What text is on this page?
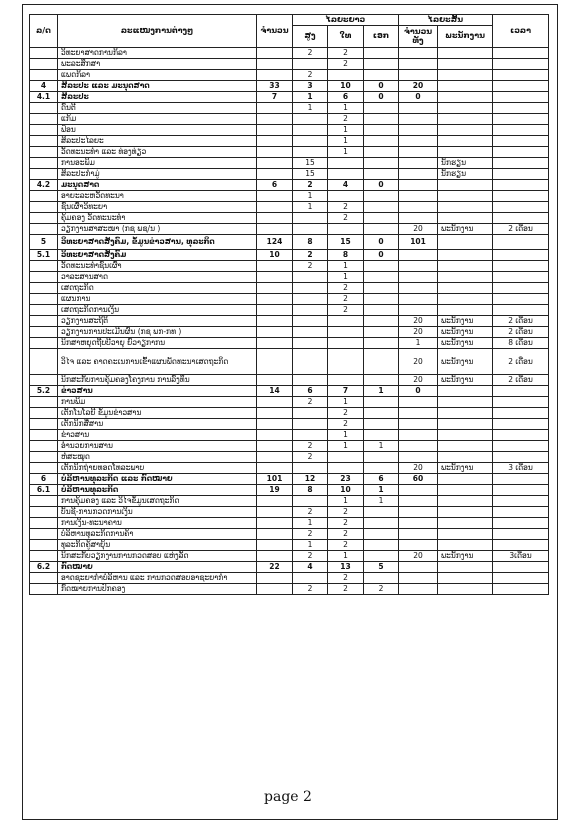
ລ/ດ	ລະແໜງການຕ່າງໆ	ຈຳນວນ	ໄລຍະຍາວ			ໄລຍະສັ້ນ		ເວລາ
			ສູງ	ໃທ	ເອກ	ຈຳນວນທັງ	ພະນັກງານ	
	ວິທະຍາສາດການກິລາ		2	2				
	ພະລະສຶກສາ			2				
	ແພດກິລາ		2					
4	ສິລະປະ ແລະ ມະນຸດສາດ	33	3	10	0	20		
4.1	ສິລະປະ	7	1	6	0	0		
	ດົນຕີ		1	1				
	ແກ້ມ			2				
	ຟ້ອນ			1				
	ສິລະປະໄລຍະ			1				
	ວັດທະນະທຳ ແລະ ທ່ອງທ່ຽວ			1				
	ການອະພິມ		15				ນັກຮຽນ	
	ສິລະປະກຳມູ່		15				ນັກຮຽນ	
4.2	ມະນຸດສາດ	6	2	4	0			
	ອາຍະລະຫວັດທະນາ		1					
	ຊົນເຜົ່າວິທະຍາ		1	2				
	ຄຸ້ມຄອງ ວັດທະນະທຳ			2				
	ວຽກງານສາສະໜາ (ກຊ ພຊ/ນ )					20	ພະນັກງານ	2 ເດືອນ
5	ວິທະຍາສາດສັງຄົມ, ຂໍ້ມູນຂ່າວສານ, ທຸລະກິດ	124	8	15	0	101		
5.1	ວິທະຍາສາດສັງຄົມ	10	2	8	0			
	ວັດທະນະທຳຊົນເຜົ່າ		2	1				
	ວາລະສານສາດ			1				
	ເສດຖະກິດ			2				
	ແຜນການ			2				
	ເສດຖະກິດການເງິນ			2				
	ວຽກງານສະຖິຕິ					20	ພະນັກງານ	2 ເດືອນ
	ວຽກງານການປະເມີນຜົນ (ກຊ ພກ-ກທ )					20	ພະນັກງານ	2 ເດືອນ
	ນິກສາຫຍຸດຖືບບີວາຍຸ ຍົວາຽກາກນ					1	ພະນັກງານ	8 ເດືອນ
	ວິໄຈ ແລະ ຄາດຄະເນການເຂົ້າແຜນພັດທະນາເສດຖະກິດ					20	ພະນັກງານ	2 ເດືອນ
	ນິກສະກັບການຄຸ້ມຄອງໂຄງການ ການລົງທຶນ					20	ພະນັກງານ	2 ເດືອນ
5.2	ຂ່າວສານ	14	6	7	1	0		
	ການພິມ		2	1				
	ເຕັກໂນໂລຍີ ຂໍ້ມູນຂ່າວສານ			2				
	ເຕັກນິກສື່ສານ			2				
	ຂ່າວສານ			1				
	ອຳນວຍການສານ		2	1	1			
	ຫໍສະໝຸດ		2					
	ເຕັກນິກຖ່າຍທອດໂທລະພາບ					20	ພະນັກງານ	3 ເດືອນ
6	ບໍລິຫານທຸລະກິດ ແລະ ກົດໝາຍ	101	12	23	6	60		
6.1	ບໍລິຫານທຸລະກິດ	19	8	10	1			
	ການຄຸ້ມຄອງ ແລະ ວິໄຈຂໍ້ມູນເສດຖະກິດ			1	1			
	ບັນຊີ-ການກວດການເງິນ		2	2				
	ການເງິນ-ທະນາຄານ		1	2				
	ບໍລິຫານທຸລະກິດການຄ້າ		2	2				
	ທຸລະກິດຄູ້ສາຍຸ້ນ		1	2				
	ນິກສະກັບວຽກງານການກວດສອບ ແຫ່ງລັດ		2	1		20	ພະນັກງານ	3ເດືອນ
6.2	ກົດໝາຍ	22	4	13	5			
	ອາດຊະຍາກຳບໍລິຫານ ແລະ ການກວດສອບອາຊະຍາກຳ			2				
	ກົດໝາຍການປົກຄອງ		2	2	2			
page 2
